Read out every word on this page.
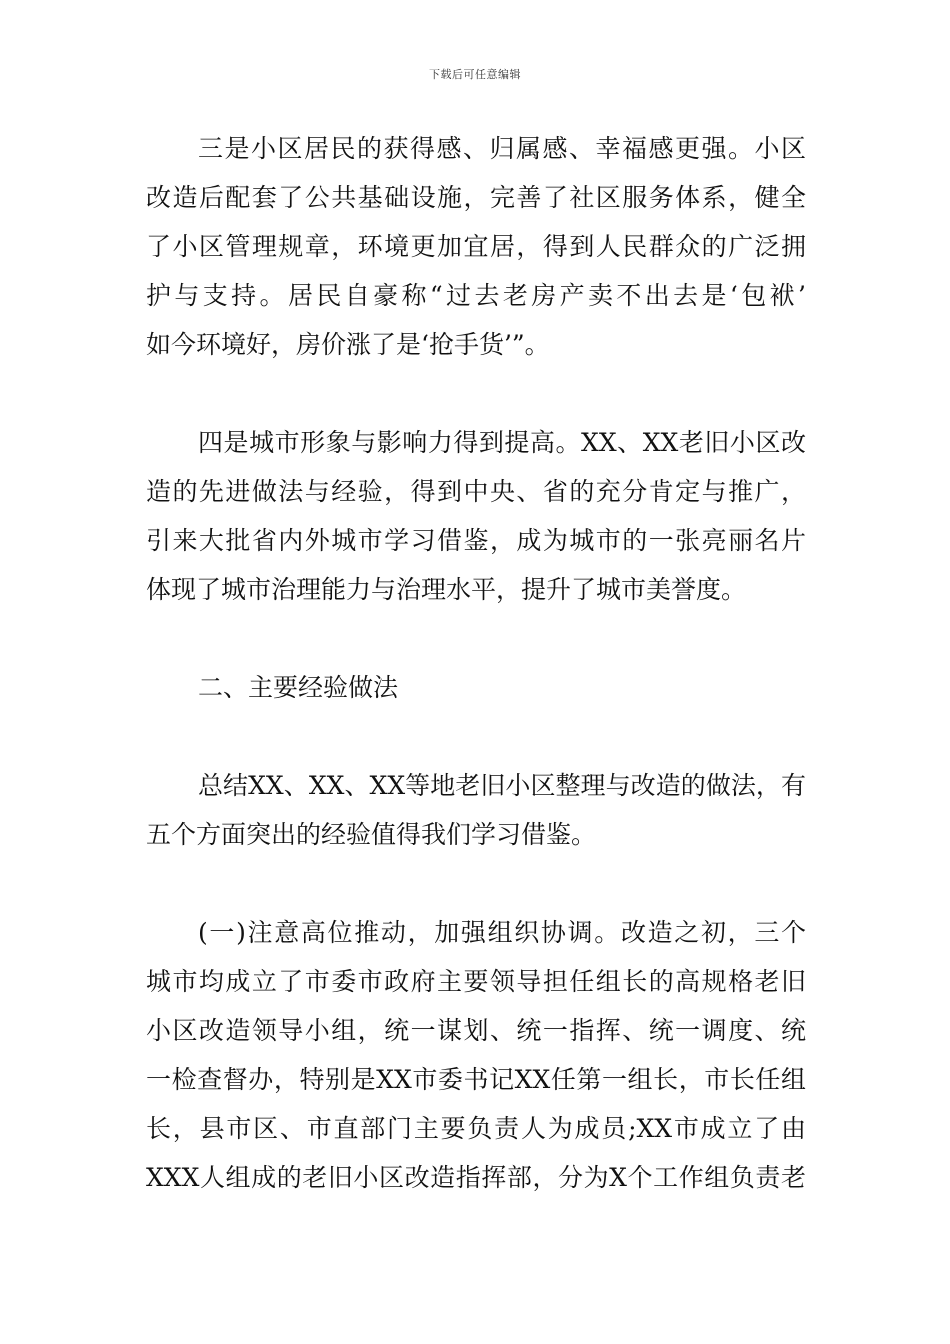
下载后可任意编辑
三是小区居民的获得感、归属感、幸福感更强。小区
改造后配套了公共基础设施，完善了社区服务体系，健全
了小区管理规章，环境更加宜居，得到人民群众的广泛拥
护与支持。居民自豪称“过去老房产卖不出去是‘包袱’
如今环境好，房价涨了是‘抢手货’”。
四是城市形象与影响力得到提高。XX、XX老旧小区改
造的先进做法与经验，得到中央、省的充分肯定与推广，
引来大批省内外城市学习借鉴，成为城市的一张亮丽名片
体现了城市治理能力与治理水平，提升了城市美誉度。
二、主要经验做法
总结XX、XX、XX等地老旧小区整理与改造的做法，有
五个方面突出的经验值得我们学习借鉴。
(一)注意高位推动，加强组织协调。改造之初，三个
城市均成立了市委市政府主要领导担任组长的高规格老旧
小区改造领导小组，统一谋划、统一指挥、统一调度、统
一检查督办，特别是XX市委书记XX任第一组长，市长任组
长，县市区、市直部门主要负责人为成员;XX市成立了由
XXX人组成的老旧小区改造指挥部，分为X个工作组负责老
